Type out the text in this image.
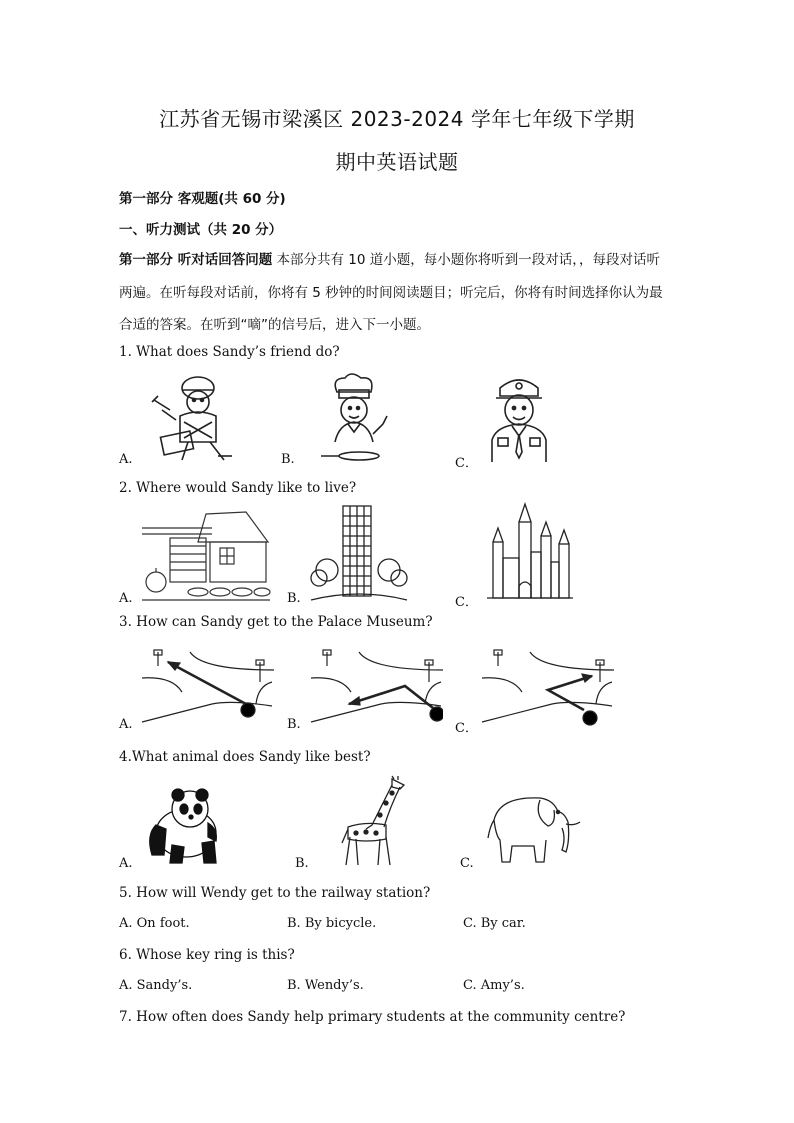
江苏省无锡市梁溪区 2023-2024 学年七年级下学期
期中英语试题
第一部分 客观题(共 60 分)
一、听力测试（共 20 分）
第一部分 听对话回答问题 本部分共有 10 道小题，每小题你将听到一段对话，，每段对话听
两遍。在听每段对话前，你将有 5 秒钟的时间阅读题目；听完后，你将有时间选择你认为最
合适的答案。在听到“嘀”的信号后，进入下一小题。
1. What does Sandy’s friend do?
A.	B.	C．
2. Where would Sandy like to live?
A.	B.	C．
3. How can Sandy get to the Palace Museum?
A.	B.	C．
4.What animal does Sandy like best?
A.	B.	C.
5. How will Wendy get to the railway station?
A. On foot.	B. By bicycle.	C. By car.
6. Whose key ring is this?
A. Sandy’s.	B. Wendy’s.	C. Amy’s.
7. How often does Sandy help primary students at the community centre?
